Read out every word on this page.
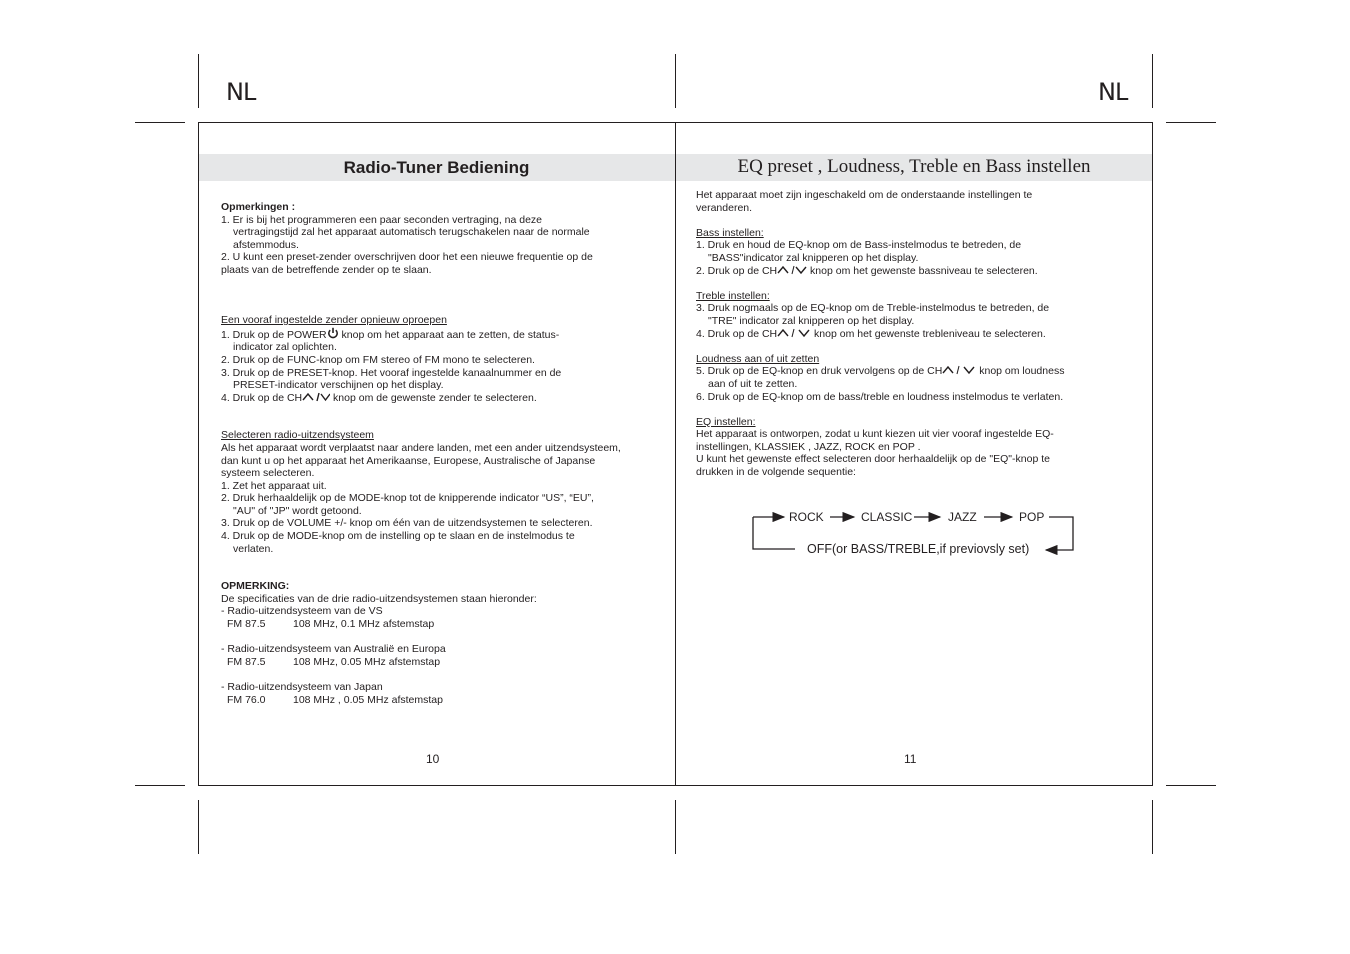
NL	NL
Radio-Tuner Bediening	EQ preset , Loudness, Treble en Bass instellen

Opmerkingen :

1. Er is bij het programmeren een paar seconden vertraging, na deze

vertragingstijd zal het apparaat automatisch terugschakelen naar de normale

afstemmodus.

2. U kunt een preset-zender overschrijven door het een nieuwe frequentie op de

plaats van de betreffende zender op te slaan.

Een vooraf ingestelde zender opnieuw oproepen

1. Druk op de POWER knop om het apparaat aan te zetten, de status-

indicator zal oplichten.

2. Druk op de FUNC-knop om FM stereo of FM mono te selecteren.

3. Druk op de PRESET-knop. Het vooraf ingestelde kanaalnummer en de

PRESET-indicator verschijnen op het display.

4. Druk op de CH	knop om de gewenste zender te selecteren.

Selecteren radio-uitzendsysteem

Als het apparaat wordt verplaatst naar andere landen, met een ander uitzendsysteem,

dan kunt u op het apparaat het Amerikaanse, Europese, Australische of Japanse

systeem selecteren.

1. Zet het apparaat uit.

2. Druk herhaaldelijk op de MODE-knop tot de knipperende indicator “US”, “EU”,

"AU" of "JP" wordt getoond.

3. Druk op de VOLUME +/- knop om één van de uitzendsystemen te selecteren.

4. Druk op de MODE-knop om de instelling op te slaan en de instelmodus te

verlaten.

OPMERKING:

De specificaties van de drie radio-uitzendsystemen staan hieronder:

- Radio-uitzendsysteem van de VS

FM 87.5	108 MHz, 0.1 MHz afstemstap

- Radio-uitzendsysteem van Australië en Europa

FM 87.5	108 MHz, 0.05 MHz afstemstap

- Radio-uitzendsysteem van Japan

FM 76.0	108 MHz , 0.05 MHz afstemstap

10

Het apparaat moet zijn ingeschakeld om de onderstaande instellingen te

veranderen.

Bass instellen:

1. Druk en houd de EQ-knop om de Bass-instelmodus te betreden, de

"BASS"indicator zal knipperen op het display.

2. Druk op de CH	knop om het gewenste bassniveau te selecteren.

Treble instellen:

3. Druk nogmaals op de EQ-knop om de Treble-instelmodus te betreden, de

"TRE" indicator zal knipperen op het display.

4. Druk op de CH	knop om het gewenste trebleniveau te selecteren.

Loudness aan of uit zetten

5. Druk op de EQ-knop en druk vervolgens op de CH	knop om loudness

aan of uit te zetten.

6. Druk op de EQ-knop om de bass/treble en loudness instelmodus te verlaten.

EQ instellen:

Het apparaat is ontworpen, zodat u kunt kiezen uit vier vooraf ingestelde EQ-

instellingen, KLASSIEK , JAZZ, ROCK en POP .

U kunt het gewenste effect selecteren door herhaaldelijk op de "EQ"-knop te

drukken in de volgende sequentie:

ROCK	CLASSIC	JAZZ	POP
OFF(or BASS/TREBLE,if previovsly set)
11
